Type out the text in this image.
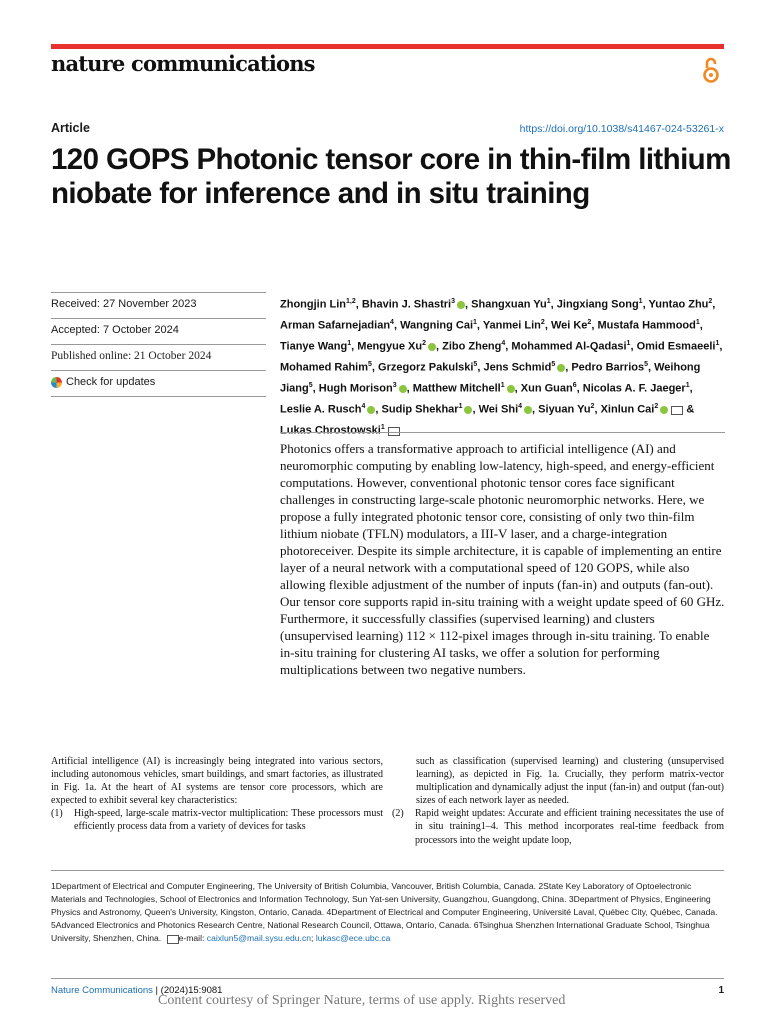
nature communications
Article	https://doi.org/10.1038/s41467-024-53261-x
120 GOPS Photonic tensor core in thin-film lithium niobate for inference and in situ training
Received: 27 November 2023
Accepted: 7 October 2024
Published online: 21 October 2024
Check for updates

Zhongjin Lin$^{1,2}$, Bhavin J. Shastri$^3$ , Shangxuan Yu$^1$, Jingxiang Song$^1$, Yuntao Zhu$^2$, Arman Safarnejadian$^4$, Wangning Cai$^1$, Yanmei Lin$^2$, Wei Ke$^2$, Mustafa Hammood$^1$, Tianye Wang$^1$, Mengyue Xu$^2$ , Zibo Zheng$^4$, Mohammed Al-Qadasi$^1$, Omid Esmaeeli$^1$, Mohamed Rahim$^5$, Grzegorz Pakulski$^5$, Jens Schmid$^5$ , Pedro Barrios$^5$, Weihong Jiang$^5$, Hugh Morison$^3$ , Matthew Mitchell$^1$ , Xun Guan$^6$, Nicolas A. F. Jaeger$^1$, Leslie A. Rusch$^4$ , Sudip Shekhar$^1$ , Wei Shi$^4$ , Siyuan Yu$^2$, Xinlun Cai$^2$ & $^1$

Photonics offers a transformative approach to artificial intelligence (AI) and neuromorphic computing by enabling low-latency, high-speed, and energy-efficient computations. However, conventional photonic tensor cores face significant challenges in constructing large-scale photonic neuromorphic networks. Here, we propose a fully integrated photonic tensor core, consisting of only two thin-film lithium niobate (TFLN) modulators, a III-V laser, and a charge-integration photoreceiver. Despite its simple architecture, it is capable of implementing an entire layer of a neural network with a computational speed of 120 GOPS, while also allowing flexible adjustment of the number of inputs (fan-in) and outputs (fan-out). Our tensor core supports rapid in-situ training with a weight update speed of 60 GHz. Furthermore, it successfully classifies (supervised learning) and clusters (unsupervised learning) 112 × 112-pixel images through in-situ training. To enable in-situ training for clustering AI tasks, we offer a solution for performing multiplications between two negative numbers.

Artificial intelligence (AI) is increasingly being integrated into various sectors, including autonomous vehicles, smart buildings, and smart factories, as illustrated in Fig. 1a. At the heart of AI systems are tensor core processors, which are expected to exhibit several key characteristics:

(1)	High-speed, large-scale matrix-vector multiplication: These processors must efficiently process data from a variety of devices for tasks

such as classification (supervised learning) and clustering (unsupervised learning), as depicted in Fig. 1a. Crucially, they perform matrix-vector multiplication and dynamically adjust the input (fan-in) and output (fan-out) sizes of each network layer as needed.

(2)	Rapid weight updates: Accurate and efficient training necessitates the use of in situ training1–4. This method incorporates real-time feedback from processors into the weight update loop,

1Department of Electrical and Computer Engineering, The University of British Columbia, Vancouver, British Columbia, Canada. 2State Key Laboratory of Optoelectronic Materials and Technologies, School of Electronics and Information Technology, Sun Yat-sen University, Guangzhou, Guangdong, China. 3Department of Physics, Engineering Physics and Astronomy, Queen's University, Kingston, Ontario, Canada. 4Department of Electrical and Computer Engineering, Université Laval, Québec City, Québec, Canada. 5Advanced Electronics and Photonics Research Centre, National Research Council, Ottawa, Ontario, Canada. 6Tsinghua Shenzhen International Graduate School, Tsinghua University, Shenzhen, China. e-mail: caixlun5@mail.sysu.edu.cn; lukasc@ece.ubc.ca

Nature Communications | (2024)15:9081	1
Content courtesy of Springer Nature, terms of use apply. Rights reserved
